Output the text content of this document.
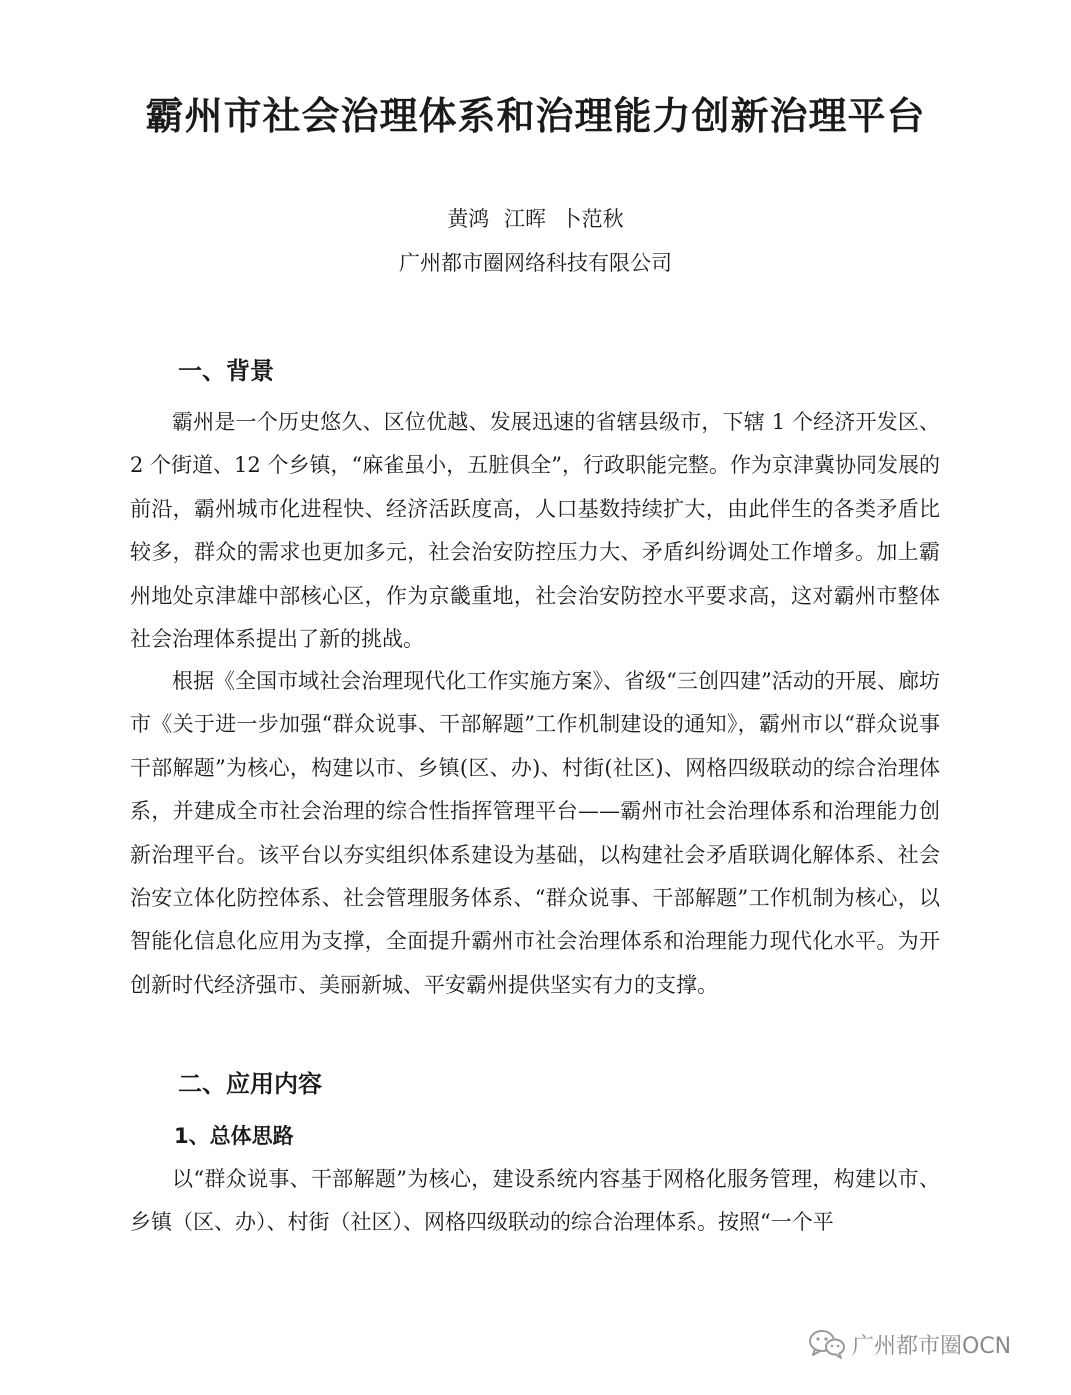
霸州市社会治理体系和治理能力创新治理平台
黄鸿 江晖 卜范秋
广州都市圈网络科技有限公司
一、背景

霸州是一个历史悠久、区位优越、发展迅速的省辖县级市，下辖 1 个经济开发区、2 个街道、12 个乡镇，“麻雀虽小，五脏俱全”，行政职能完整。作为京津冀协同发展的前沿，霸州城市化进程快、经济活跃度高，人口基数持续扩大，由此伴生的各类矛盾比较多，群众的需求也更加多元，社会治安防控压力大、矛盾纠纷调处工作增多。加上霸州地处京津雄中部核心区，作为京畿重地，社会治安防控水平要求高，这对霸州市整体社会治理体系提出了新的挑战。

根据《全国市域社会治理现代化工作实施方案》、省级“三创四建”活动的开展、廊坊市《关于进一步加强“群众说事、干部解题”工作机制建设的通知》，霸州市以“群众说事 干部解题”为核心，构建以市、乡镇(区、办)、村街(社区)、网格四级联动的综合治理体系，并建成全市社会治理的综合性指挥管理平台——霸州市社会治理体系和治理能力创新治理平台。该平台以夯实组织体系建设为基础，以构建社会矛盾联调化解体系、社会治安立体化防控体系、社会管理服务体系、“群众说事、干部解题”工作机制为核心，以智能化信息化应用为支撑，全面提升霸州市社会治理体系和治理能力现代化水平。为开创新时代经济强市、美丽新城、平安霸州提供坚实有力的支撑。

二、应用内容
1、总体思路

以“群众说事、干部解题”为核心，建设系统内容基于网格化服务管理，构建以市、乡镇（区、办）、村街（社区）、网格四级联动的综合治理体系。按照“一个平

广州都市圈OCN
